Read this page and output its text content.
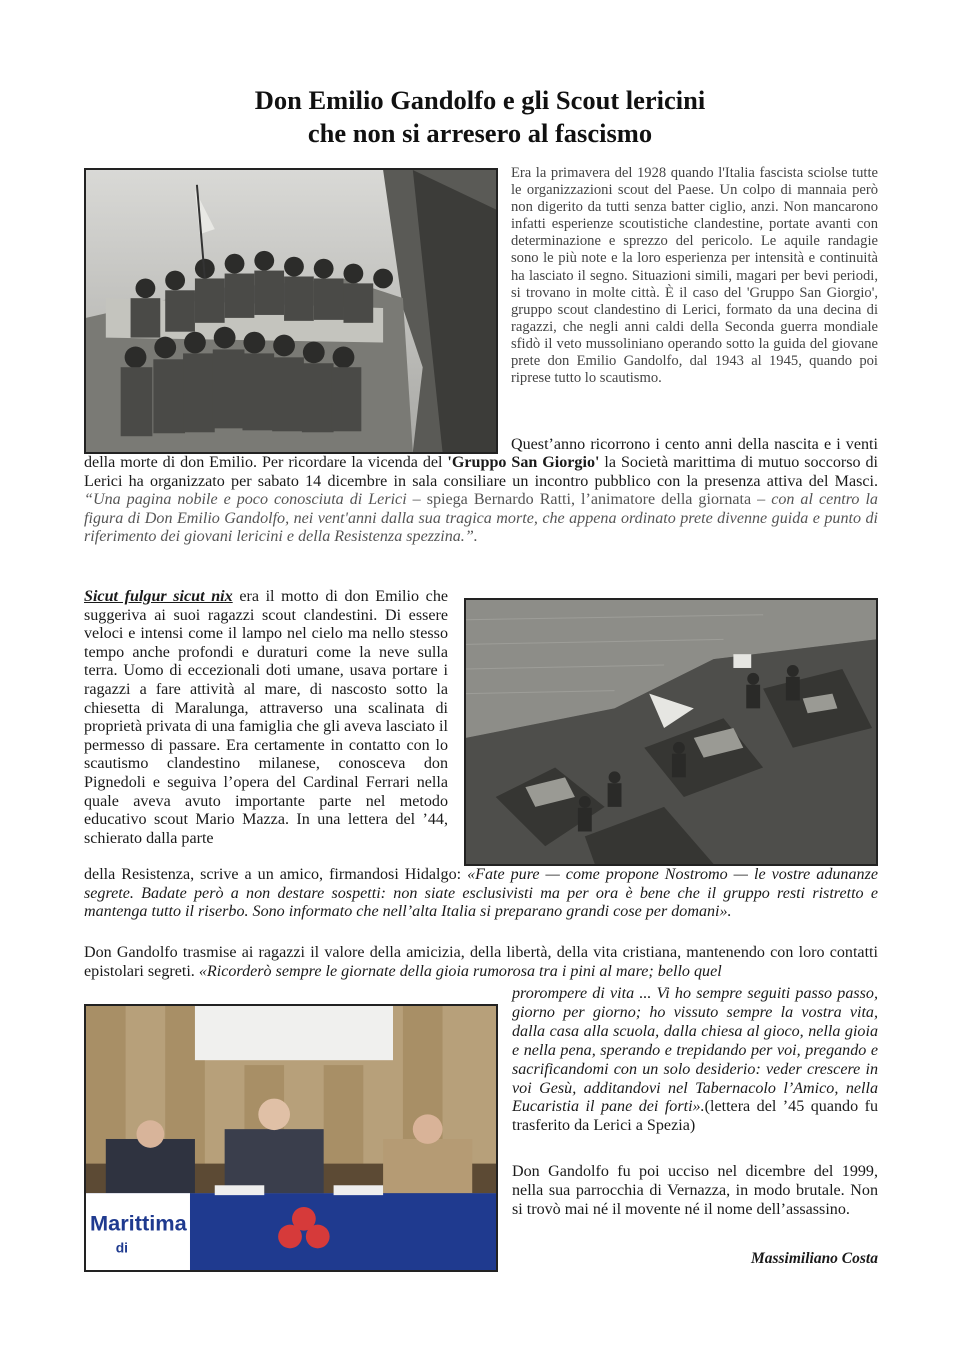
Don Emilio Gandolfo e gli Scout lericini
che non si arresero al fascismo
Era la primavera del 1928 quando l'Italia fascista sciolse tutte le organizzazioni scout del Paese. Un colpo di mannaia però non digerito da tutti senza batter ciglio, anzi. Non mancarono infatti esperienze scoutistiche clandestine, portate avanti con determinazione e sprezzo del pericolo. Le aquile randagie sono le più note e la loro esperienza per intensità e continuità ha lasciato il segno. Situazioni simili, magari per bevi periodi, si trovano in molte città. È il caso del 'Gruppo San Giorgio', gruppo scout clandestino di Lerici, formato da una decina di ragazzi, che negli anni caldi della Seconda guerra mondiale sfidò il veto mussoliniano operando sotto la guida del giovane prete don Emilio Gandolfo, dal 1943 al 1945, quando poi riprese tutto lo scautismo.
Quest’anno ricorrono i cento anni della nascita e i venti della morte di don Emilio. Per ricordare la vicenda del 'Gruppo San Giorgio' la Società marittima di mutuo soccorso di Lerici ha organizzato per sabato 14 dicembre in sala consiliare un incontro pubblico con la presenza attiva del Masci. “Una pagina nobile e poco conosciuta di Lerici – spiega Bernardo Ratti, l’animatore della giornata – con al centro la figura di Don Emilio Gandolfo, nei vent'anni dalla sua tragica morte, che appena ordinato prete divenne guida e punto di riferimento dei giovani lericini e della Resistenza spezzina.”.
Sicut fulgur sicut nix era il motto di don Emilio che suggeriva ai suoi ragazzi scout clandestini. Di essere veloci e intensi come il lampo nel cielo ma nello stesso tempo anche profondi e duraturi come la neve sulla terra. Uomo di eccezionali doti umane, usava portare i ragazzi a fare attività al mare, di nascosto sotto la chiesetta di Maralunga, attraverso una scalinata di proprietà privata di una famiglia che gli aveva lasciato il permesso di passare. Era certamente in contatto con lo scautismo clandestino milanese, conosceva don Pignedoli e seguiva l’opera del Cardinal Ferrari nella quale aveva avuto importante parte nel metodo educativo scout Mario Mazza. In una lettera del ’44, schierato dalla parte
della Resistenza, scrive a un amico, firmandosi Hidalgo: «Fate pure — come propone Nostromo — le vostre adunanze segrete. Badate però a non destare sospetti: non siate esclusivisti ma per ora è bene che il gruppo resti ristretto e mantenga tutto il riserbo. Sono informato che nell’alta Italia si preparano grandi cose per domani».
Don Gandolfo trasmise ai ragazzi il valore della amicizia, della libertà, della vita cristiana, mantenendo con loro contatti epistolari segreti. «Ricorderò sempre le giornate della gioia rumorosa tra i pini al mare; bello quel
Marittima
di
prorompere di vita ... Vi ho sempre seguiti passo passo, giorno per giorno; ho vissuto sempre la vostra vita, dalla casa alla scuola, dalla chiesa al gioco, nella gioia e nella pena, sperando e trepidando per voi, pregando e sacrificandomi con un solo desiderio: veder crescere in voi Gesù, additandovi nel Tabernacolo l’Amico, nella Eucaristia il pane dei forti».(lettera del ’45 quando fu trasferito da Lerici a Spezia)
Don Gandolfo fu poi ucciso nel dicembre del 1999, nella sua parrocchia di Vernazza, in modo brutale. Non si trovò mai né il movente né il nome dell’assassino.
Massimiliano Costa
